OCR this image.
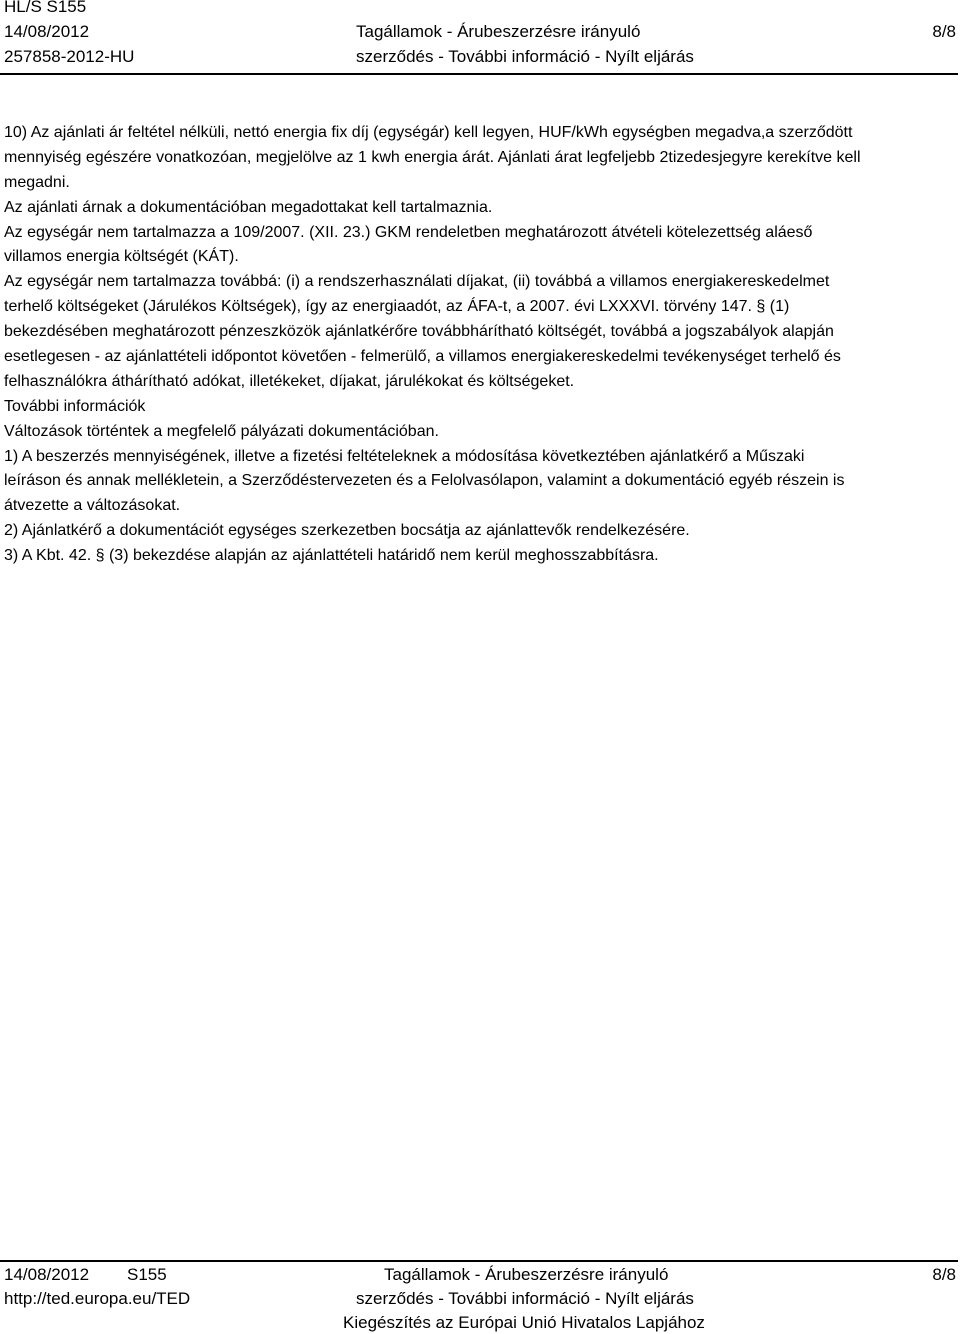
HL/S S155
14/08/2012
257858-2012-HU
Tagállamok - Árubeszerzésre irányuló
szerződés - További információ - Nyílt eljárás
8/8
10) Az ajánlati ár feltétel nélküli, nettó energia fix díj (egységár) kell legyen, HUF/kWh egységben megadva,a szerződött
mennyiség egészére vonatkozóan, megjelölve az 1 kwh energia árát. Ajánlati árat legfeljebb 2tizedesjegyre kerekítve kell
megadni.
Az ajánlati árnak a dokumentációban megadottakat kell tartalmaznia.
Az egységár nem tartalmazza a 109/2007. (XII. 23.) GKM rendeletben meghatározott átvételi kötelezettség aláeső
villamos energia költségét (KÁT).
Az egységár nem tartalmazza továbbá: (i) a rendszerhasználati díjakat, (ii) továbbá a villamos energiakereskedelmet
terhelő költségeket (Járulékos Költségek), így az energiaadót, az ÁFA-t, a 2007. évi LXXXVI. törvény 147. § (1)
bekezdésében meghatározott pénzeszközök ajánlatkérőre továbbhárítható költségét, továbbá a jogszabályok alapján
esetlegesen - az ajánlattételi időpontot követően - felmerülő, a villamos energiakereskedelmi tevékenységet terhelő és
felhasználókra áthárítható adókat, illetékeket, díjakat, járulékokat és költségeket.
További információk
Változások történtek a megfelelő pályázati dokumentációban.
1) A beszerzés mennyiségének, illetve a fizetési feltételeknek a módosítása következtében ajánlatkérő a Műszaki
leíráson és annak mellékletein, a Szerződéstervezeten és a Felolvasólapon, valamint a dokumentáció egyéb részein is
átvezette a változásokat.
2) Ajánlatkérő a dokumentációt egységes szerkezetben bocsátja az ajánlattevők rendelkezésére.
3) A Kbt. 42. § (3) bekezdése alapján az ajánlattételi határidő nem kerül meghosszabbításra.
14/08/2012 S155
http://ted.europa.eu/TED
Tagállamok - Árubeszerzésre irányuló
szerződés - További információ - Nyílt eljárás
Kiegészítés az Európai Unió Hivatalos Lapjához
8/8
